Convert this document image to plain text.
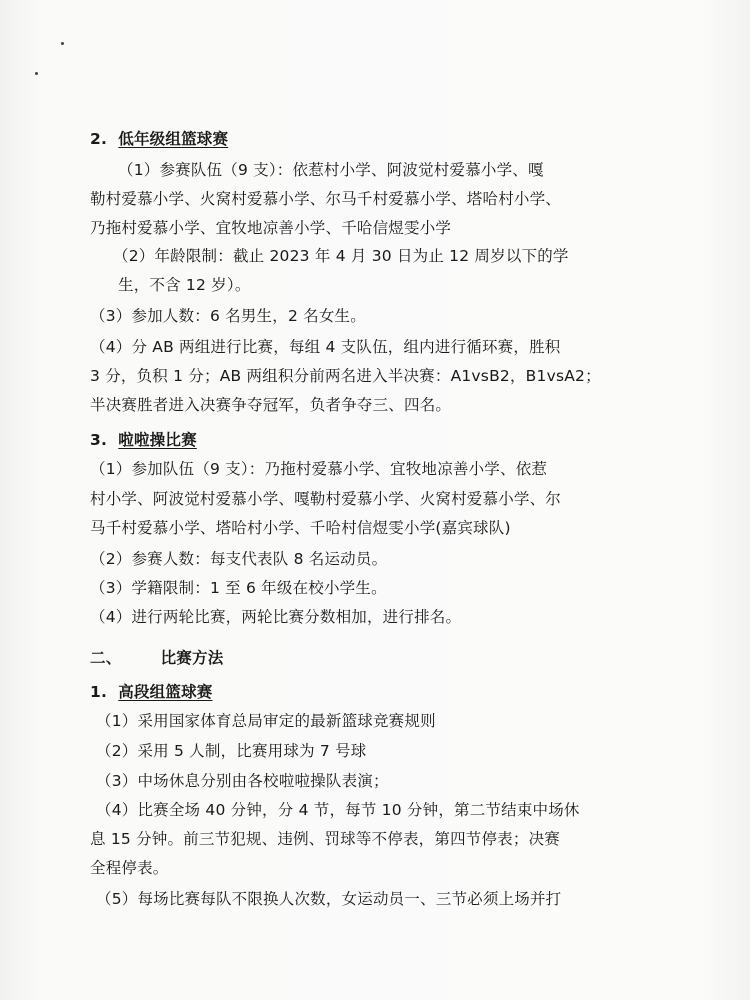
2. 低年级组篮球赛
（1）参赛队伍（9 支）：依惹村小学、阿波觉村爱慕小学、嘎
勒村爱慕小学、火窝村爱慕小学、尔马千村爱慕小学、塔哈村小学、
乃拖村爱慕小学、宜牧地凉善小学、千哈信煜雯小学
（2）年龄限制：截止 2023 年 4 月 30 日为止 12 周岁以下的学
生，不含 12 岁）。
（3）参加人数：6 名男生，2 名女生。
（4）分 AB 两组进行比赛，每组 4 支队伍，组内进行循环赛，胜积
3 分，负积 1 分；AB 两组积分前两名进入半决赛：A1vsB2，B1vsA2；
半决赛胜者进入决赛争夺冠军，负者争夺三、四名。
3. 啦啦操比赛
（1）参加队伍（9 支）：乃拖村爱慕小学、宜牧地凉善小学、依惹
村小学、阿波觉村爱慕小学、嘎勒村爱慕小学、火窝村爱慕小学、尔
马千村爱慕小学、塔哈村小学、千哈村信煜雯小学(嘉宾球队)
（2）参赛人数：每支代表队 8 名运动员。
（3）学籍限制：1 至 6 年级在校小学生。
（4）进行两轮比赛，两轮比赛分数相加，进行排名。
二、	比赛方法
1. 高段组篮球赛
（1）采用国家体育总局审定的最新篮球竞赛规则
（2）采用 5 人制，比赛用球为 7 号球
（3）中场休息分别由各校啦啦操队表演；
（4）比赛全场 40 分钟，分 4 节，每节 10 分钟，第二节结束中场休
息 15 分钟。前三节犯规、违例、罚球等不停表，第四节停表；决赛
全程停表。
（5）每场比赛每队不限换人次数，女运动员一、三节必须上场并打
